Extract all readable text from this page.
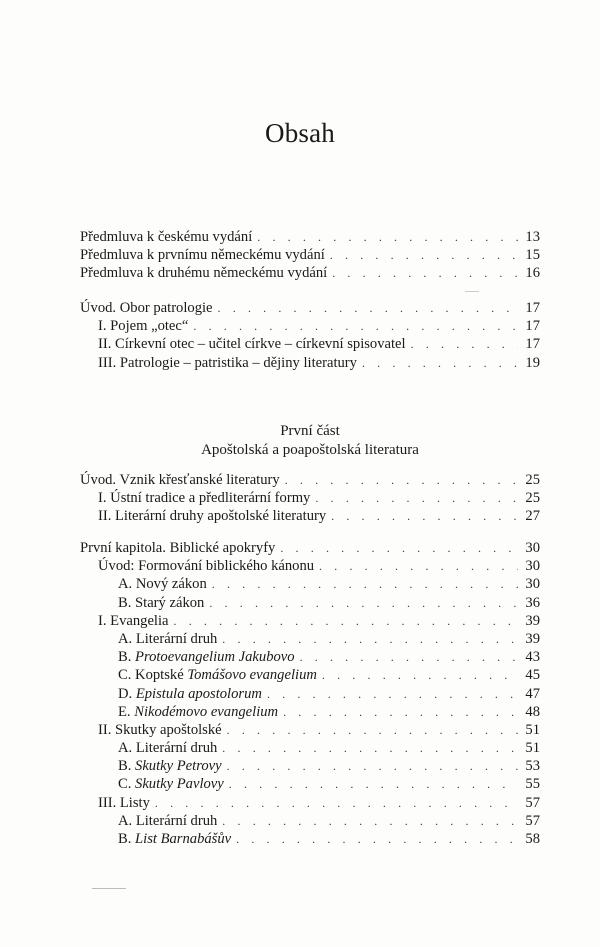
Obsah
Předmluva k českému vydání . . .	13
Předmluva k prvnímu německému vydání . . .	15
Předmluva k druhému německému vydání . . .	16
Úvod. Obor patrologie . . .	17
I. Pojem „otec“ . . .	17
II. Církevní otec – učitel církve – církevní spisovatel . . .	17
III. Patrologie – patristika – dějiny literatury . . .	19
První část
Apoštolská a poapoštolská literatura
Úvod. Vznik křesťanské literatury . . .	25
I. Ústní tradice a předliterární formy . . .	25
II. Literární druhy apoštolské literatury . . .	27
První kapitola. Biblické apokryfy . . .	30
Úvod: Formování biblického kánonu . . .	30
A. Nový zákon . . .	30
B. Starý zákon . . .	36
I. Evangelia . . .	39
A. Literární druh . . .	39
B. Protoevangelium Jakubovo . . .	43
C. Koptské Tomášovo evangelium . . .	45
D. Epistula apostolorum . . .	47
E. Nikodémovo evangelium . . .	48
II. Skutky apoštolské . . .	51
A. Literární druh . . .	51
B. Skutky Petrovy . . .	53
C. Skutky Pavlovy . . .	55
III. Listy . . .	57
A. Literární druh . . .	57
B. List Barnabášův . . .	58
